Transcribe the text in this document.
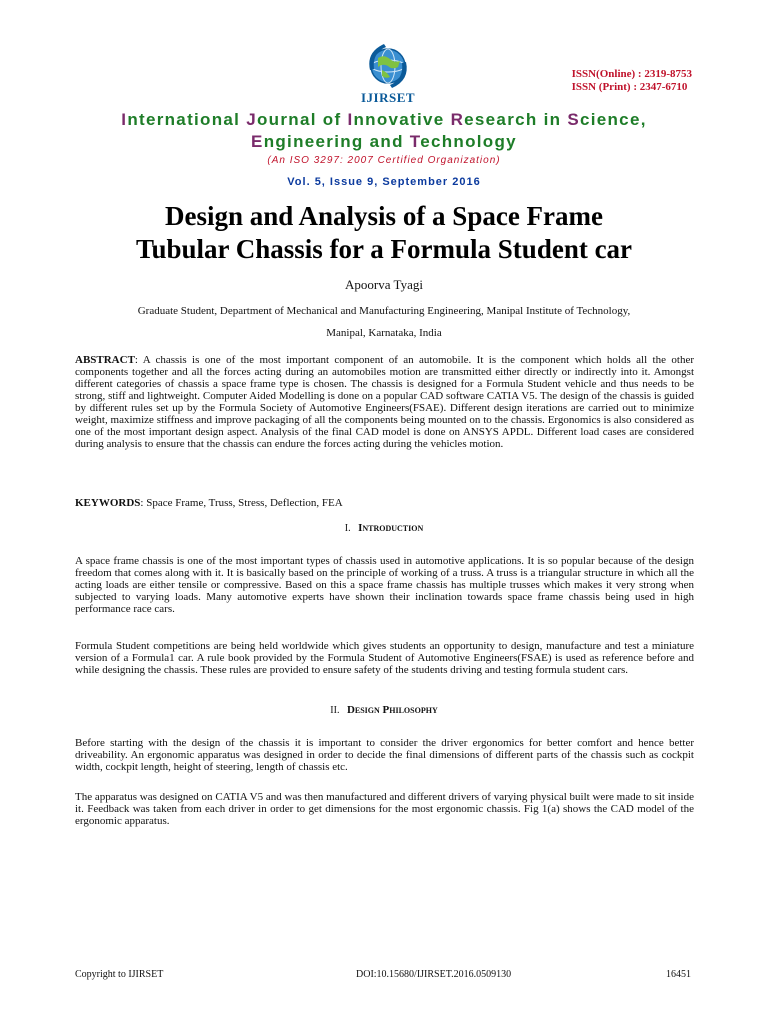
IJIRSET
ISSN(Online) : 2319-8753
ISSN (Print) : 2347-6710
International Journal of Innovative Research in Science,
Engineering and Technology
(An ISO 3297: 2007 Certified Organization)
Vol. 5, Issue 9, September 2016
Design and Analysis of a Space Frame
Tubular Chassis for a Formula Student car
Apoorva Tyagi
Graduate Student, Department of Mechanical and Manufacturing Engineering, Manipal Institute of Technology,
Manipal, Karnataka, India
ABSTRACT: A chassis is one of the most important component of an automobile. It is the component which holds all the other components together and all the forces acting during an automobiles motion are transmitted either directly or indirectly into it. Amongst different categories of chassis a space frame type is chosen. The chassis is designed for a Formula Student vehicle and thus needs to be strong, stiff and lightweight. Computer Aided Modelling is done on a popular CAD software CATIA V5. The design of the chassis is guided by different rules set up by the Formula Society of Automotive Engineers(FSAE). Different design iterations are carried out to minimize weight, maximize stiffness and improve packaging of all the components being mounted on to the chassis. Ergonomics is also considered as one of the most important design aspect. Analysis of the final CAD model is done on ANSYS APDL. Different load cases are considered during analysis to ensure that the chassis can endure the forces acting during the vehicles motion.
KEYWORDS: Space Frame, Truss, Stress, Deflection, FEA
I. Introduction
A space frame chassis is one of the most important types of chassis used in automotive applications. It is so popular because of the design freedom that comes along with it. It is basically based on the principle of working of a truss. A truss is a triangular structure in which all the acting loads are either tensile or compressive. Based on this a space frame chassis has multiple trusses which makes it very strong when subjected to varying loads. Many automotive experts have shown their inclination towards space frame chassis being used in high performance race cars.
Formula Student competitions are being held worldwide which gives students an opportunity to design, manufacture and test a miniature version of a Formula1 car. A rule book provided by the Formula Student of Automotive Engineers(FSAE) is used as reference before and while designing the chassis. These rules are provided to ensure safety of the students driving and testing formula student cars.
II. Design Philosophy
Before starting with the design of the chassis it is important to consider the driver ergonomics for better comfort and hence better driveability. An ergonomic apparatus was designed in order to decide the final dimensions of different parts of the chassis such as cockpit width, cockpit length, height of steering, length of chassis etc.
The apparatus was designed on CATIA V5 and was then manufactured and different drivers of varying physical built were made to sit inside it. Feedback was taken from each driver in order to get dimensions for the most ergonomic chassis. Fig 1(a) shows the CAD model of the ergonomic apparatus.
Copyright to IJIRSET	DOI:10.15680/IJIRSET.2016.0509130	16451
